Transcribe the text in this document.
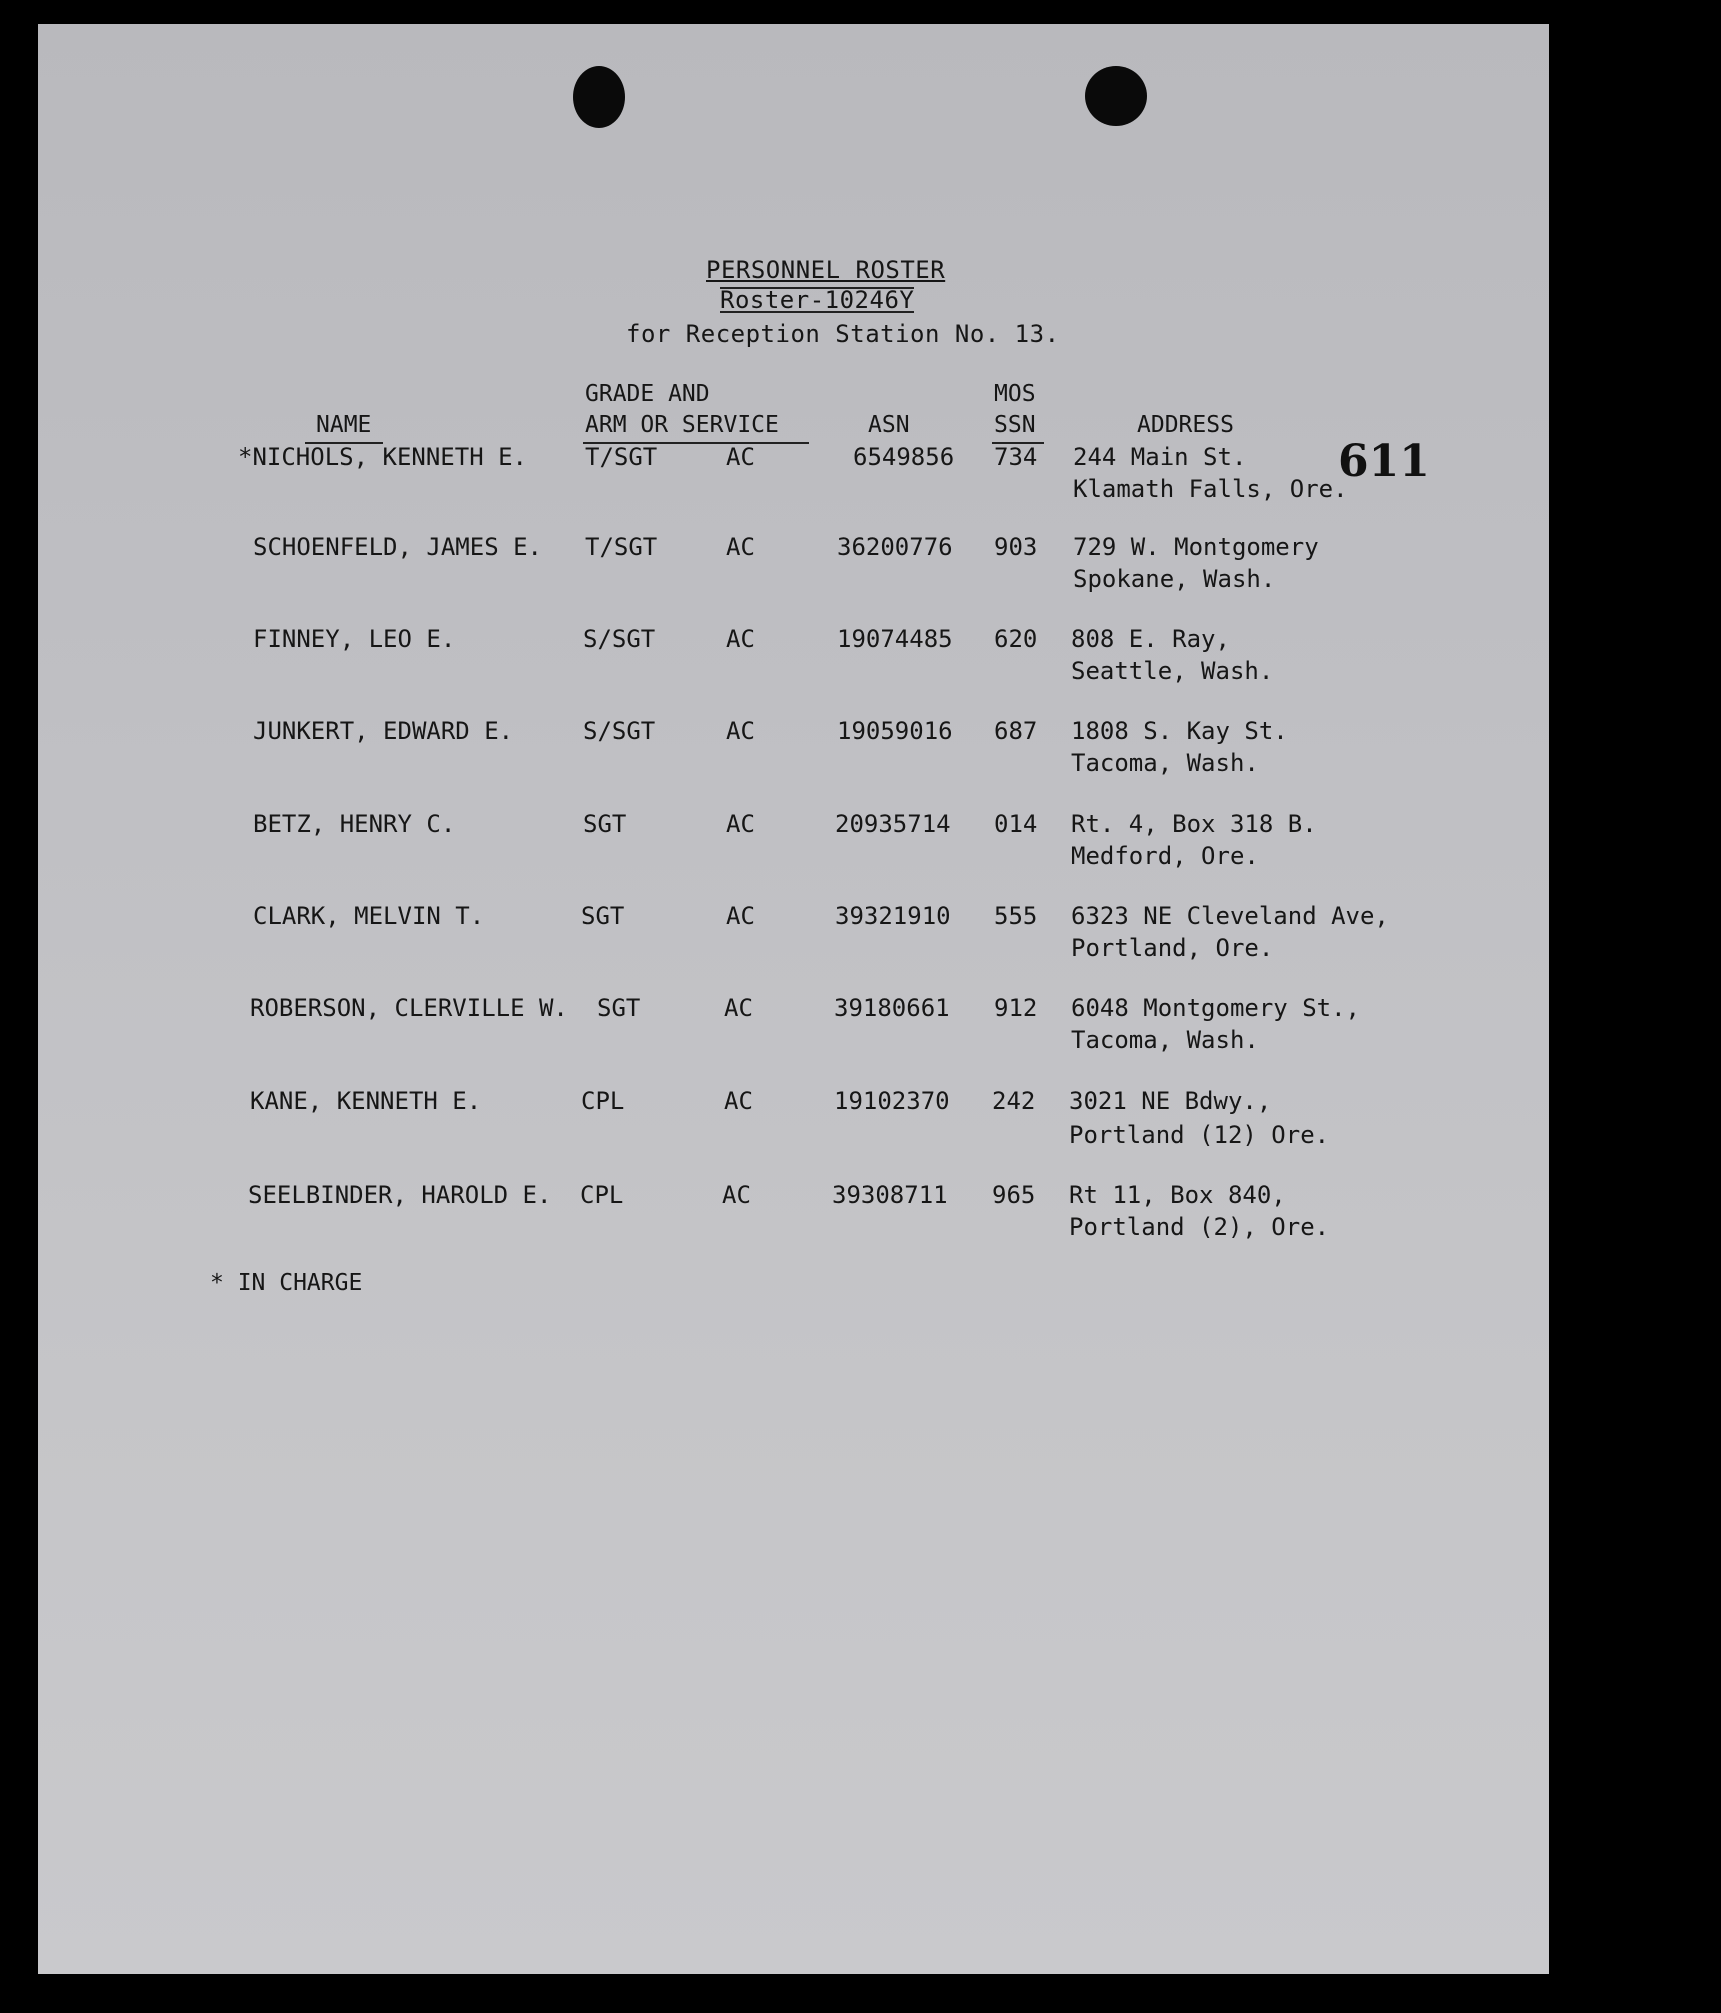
PERSONNEL ROSTER
Roster-10246Y
for Reception Station No. 13.
611
GRADE AND	MOS
NAME	ARM OR SERVICE	ASN	SSN	ADDRESS
*NICHOLS, KENNETH E. T/SGT	AC	6549856 734 244 Main St.
Klamath Falls, Ore.
SCHOENFELD, JAMES E. T/SGT	AC	36200776 903 729 W. Montgomery
Spokane, Wash.
FINNEY, LEO E.	S/SGT	AC	19074485 620 808 E. Ray,
Seattle, Wash.
JUNKERT, EDWARD E.	S/SGT	AC	19059016 687 1808 S. Kay St.
Tacoma, Wash.
BETZ, HENRY C.	SGT	AC	20935714 014 Rt. 4, Box 318 B.
Medford, Ore.
CLARK, MELVIN T.	SGT	AC	39321910 555 6323 NE Cleveland Ave,
Portland, Ore.
ROBERSON, CLERVILLE W. SGT	AC	39180661 912 6048 Montgomery St.,
Tacoma, Wash.
KANE, KENNETH E.	CPL	AC	19102370 242 3021 NE Bdwy.,
Portland (12) Ore.
SEELBINDER, HAROLD E. CPL	AC	39308711 965 Rt 11, Box 840,
Portland (2), Ore.
* IN CHARGE
